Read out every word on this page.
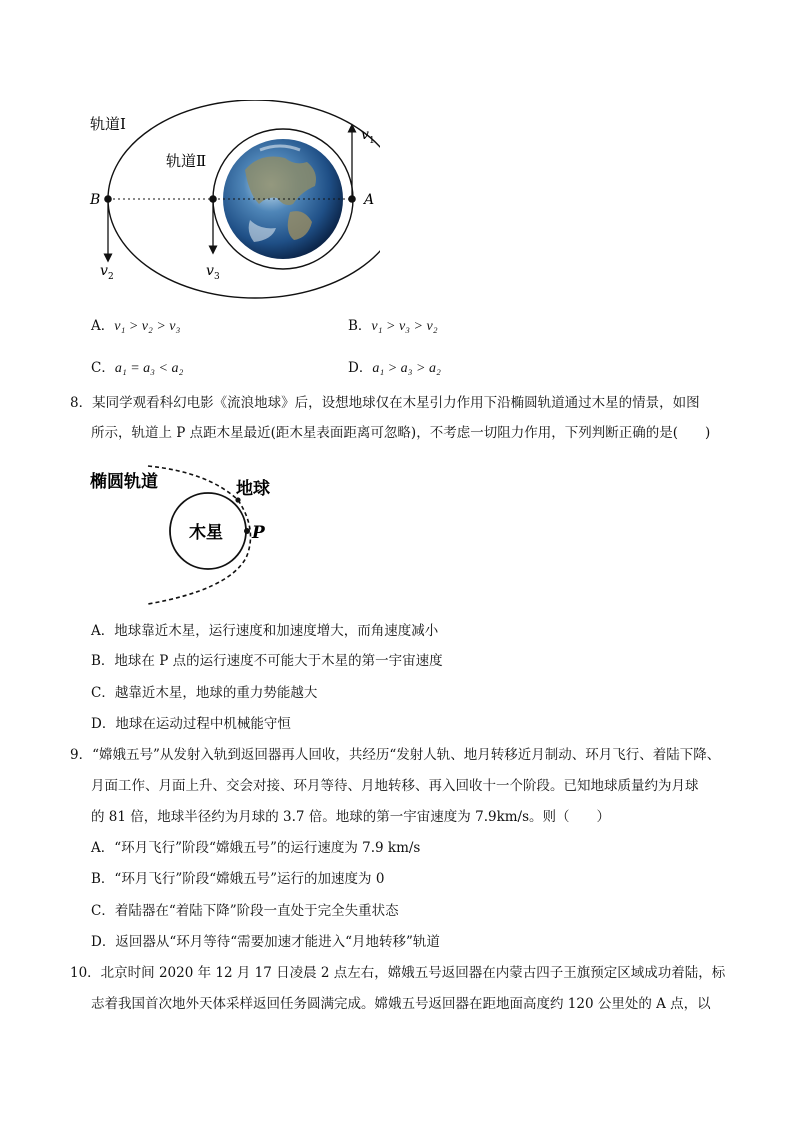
轨道Ⅰ
轨道Ⅱ
B	A
v 1
v 2	v 3
A．v₁ > v₂ > v₃	B．v₁ > v₃ > v₂
C．a₁ = a₃ < a₂	D．a₁ > a₃ > a₂
8．某同学观看科幻电影《流浪地球》后，设想地球仅在木星引力作用下沿椭圆轨道通过木星的情景，如图
所示，轨道上 P 点距木星最近(距木星表面距离可忽略)，不考虑一切阻力作用，下列判断正确的是(　　)
椭圆轨道	地球
木星 P
A．地球靠近木星，运行速度和加速度增大，而角速度减小
B．地球在 P 点的运行速度不可能大于木星的第一宇宙速度
C．越靠近木星，地球的重力势能越大
D．地球在运动过程中机械能守恒
9．“嫦娥五号”从发射入轨到返回器再人回收，共经历“发射人轨、地月转移近月制动、环月飞行、着陆下降、
月面工作、月面上升、交会对接、环月等待、月地转移、再入回收十一个阶段。已知地球质量约为月球
的 81 倍，地球半径约为月球的 3.7 倍。地球的第一宇宙速度为 7.9km/s。则（　　）
A．“环月飞行”阶段“嫦娥五号”的运行速度为 7.9 km/s
B．“环月飞行”阶段“嫦娥五号”运行的加速度为 0
C．着陆器在“着陆下降”阶段一直处于完全失重状态
D．返回器从“环月等待“需要加速才能进入“月地转移”轨道
10．北京时间 2020 年 12 月 17 日凌晨 2 点左右，嫦娥五号返回器在内蒙古四子王旗预定区域成功着陆，标
志着我国首次地外天体采样返回任务圆满完成。嫦娥五号返回器在距地面高度约 120 公里处的 A 点，以
